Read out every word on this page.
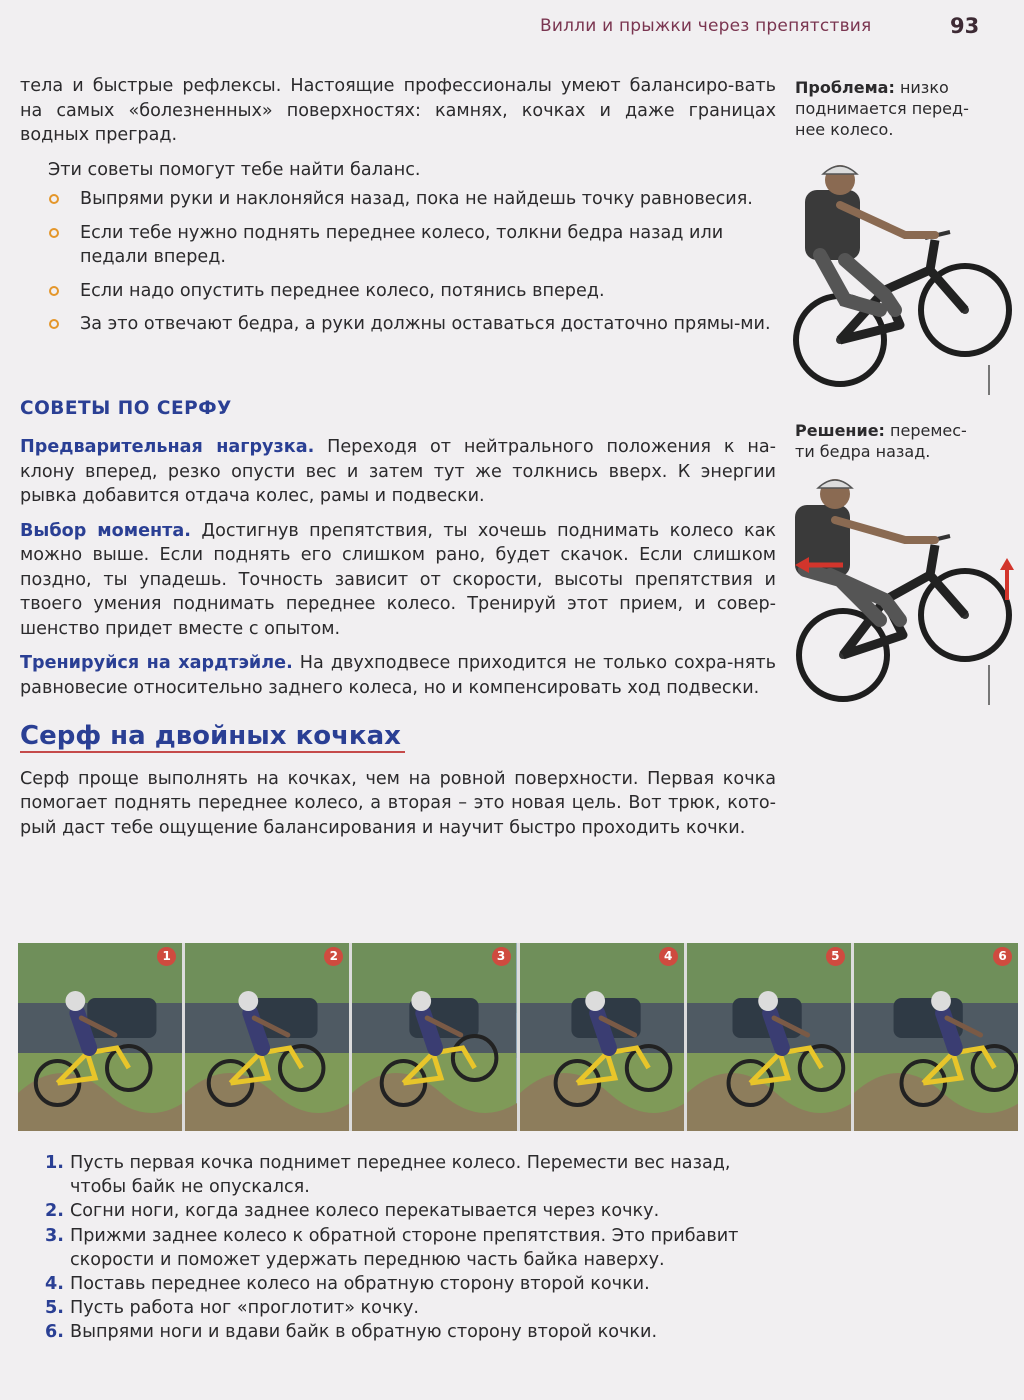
Вилли и прыжки через препятствия	93

тела и быстрые рефлексы. Настоящие профессионалы умеют балансиро-вать на самых «болезненных» поверхностях: камнях, кочках и даже границах водных преград.

Эти советы помогут тебе найти баланс.

Выпрями руки и наклоняйся назад, пока не найдешь точку равновесия.
Если тебе нужно поднять переднее колесо, толкни бедра назад или педали вперед.
Если надо опустить переднее колесо, потянись вперед.
За это отвечают бедра, а руки должны оставаться достаточно прямы-ми.
СОВЕТЫ ПО СЕРФУ

Предварительная нагрузка. Переходя от нейтрального положения к на-клону вперед, резко опусти вес и затем тут же толкнись вверх. К энергии рывка добавится отдача колес, рамы и подвески.

Выбор момента. Достигнув препятствия, ты хочешь поднимать колесо как можно выше. Если поднять его слишком рано, будет скачок. Если слишком поздно, ты упадешь. Точность зависит от скорости, высоты препятствия и твоего умения поднимать переднее колесо. Тренируй этот прием, и совер-шенство придет вместе с опытом.

Тренируйся на хардтэйле. На двухподвесе приходится не только сохра-нять равновесие относительно заднего колеса, но и компенсировать ход подвески.

Серф на двойных кочках

Серф проще выполнять на кочках, чем на ровной поверхности. Первая кочка помогает поднять переднее колесо, а вторая – это новая цель. Вот трюк, кото-рый даст тебе ощущение балансирования и научит быстро проходить кочки.

Проблема: низко поднимается перед-нее колесо.
Решение: перемес-ти бедра назад.
1	2	3	4	5	6
1. Пусть первая кочка поднимет переднее колесо. Перемести вес назад, чтобы байк не опускался.
2. Согни ноги, когда заднее колесо перекатывается через кочку.
3. Прижми заднее колесо к обратной стороне препятствия. Это прибавит скорости и поможет удержать переднюю часть байка наверху.
4. Поставь переднее колесо на обратную сторону второй кочки.
5. Пусть работа ног «проглотит» кочку.
6. Выпрями ноги и вдави байк в обратную сторону второй кочки.
